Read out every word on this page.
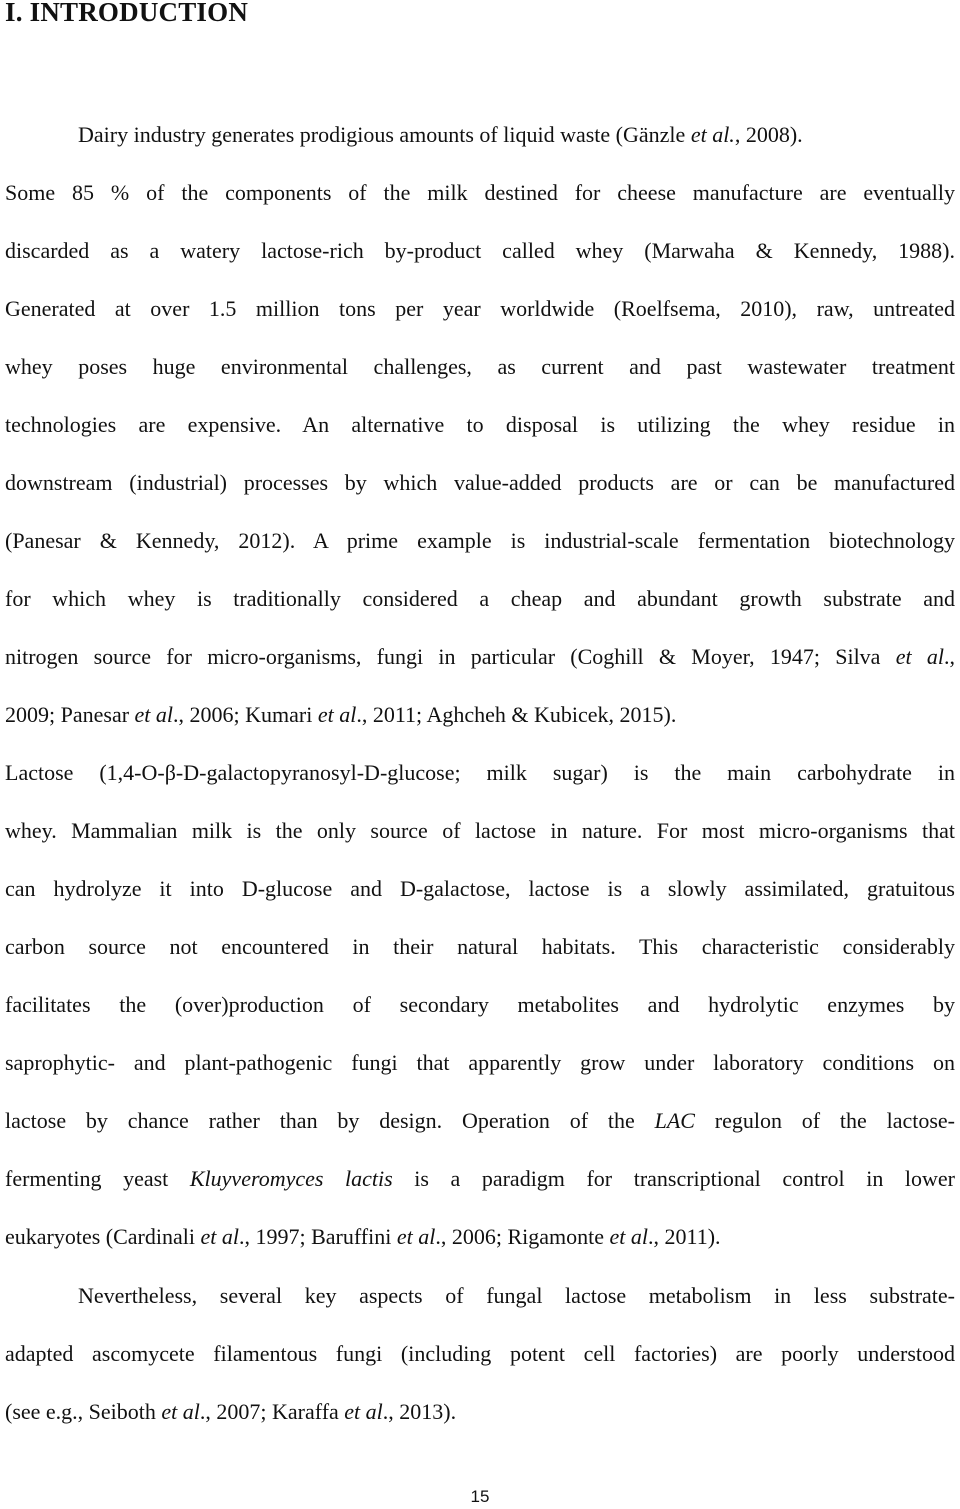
I. INTRODUCTION
Dairy industry generates prodigious amounts of liquid waste (Gänzle et al., 2008).
Some 85 % of the components of the milk destined for cheese manufacture are eventually
discarded as a watery lactose-rich by-product called whey (Marwaha & Kennedy, 1988).
Generated at over 1.5 million tons per year worldwide (Roelfsema, 2010), raw, untreated
whey poses huge environmental challenges, as current and past wastewater treatment
technologies are expensive. An alternative to disposal is utilizing the whey residue in
downstream (industrial) processes by which value-added products are or can be manufactured
(Panesar & Kennedy, 2012). A prime example is industrial-scale fermentation biotechnology
for which whey is traditionally considered a cheap and abundant growth substrate and
nitrogen source for micro-organisms, fungi in particular (Coghill & Moyer, 1947; Silva et al.,
2009; Panesar et al., 2006; Kumari et al., 2011; Aghcheh & Kubicek, 2015).
Lactose (1,4-O-β-D-galactopyranosyl-D-glucose; milk sugar) is the main carbohydrate in
whey. Mammalian milk is the only source of lactose in nature. For most micro-organisms that
can hydrolyze it into D-glucose and D-galactose, lactose is a slowly assimilated, gratuitous
carbon source not encountered in their natural habitats. This characteristic considerably
facilitates the (over)production of secondary metabolites and hydrolytic enzymes by
saprophytic- and plant-pathogenic fungi that apparently grow under laboratory conditions on
lactose by chance rather than by design. Operation of the LAC regulon of the lactose-
fermenting yeast Kluyveromyces lactis is a paradigm for transcriptional control in lower
eukaryotes (Cardinali et al., 1997; Baruffini et al., 2006; Rigamonte et al., 2011).
Nevertheless, several key aspects of fungal lactose metabolism in less substrate-
adapted ascomycete filamentous fungi (including potent cell factories) are poorly understood
(see e.g., Seiboth et al., 2007; Karaffa et al., 2013).
15
